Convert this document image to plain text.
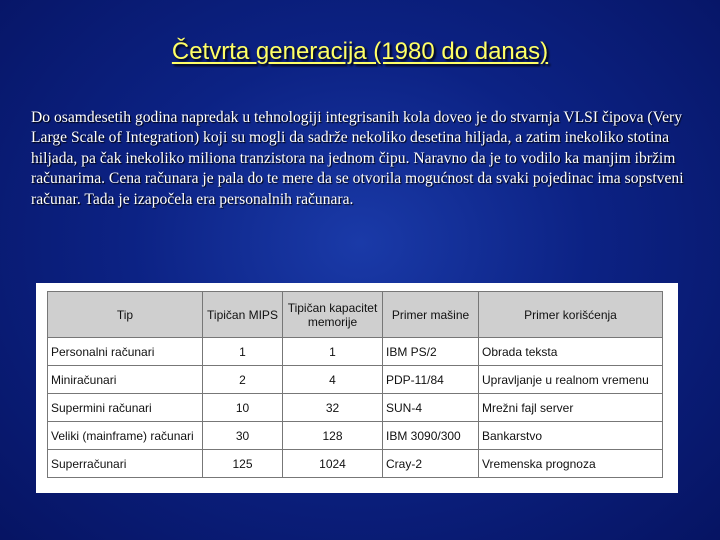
Četvrta generacija (1980 do danas)

Do osamdesetih godina napredak u tehnologiji integrisanih kola doveo je do stvarnja VLSI čipova (Very Large Scale of Integration) koji su mogli da sadrže nekoliko desetina hiljada, a zatim inekoliko stotina hiljada, pa čak inekoliko miliona tranzistora na jednom čipu. Naravno da je to vodilo ka manjim ibržim računarima. Cena računara je pala do te mere da se otvorila mogućnost da svaki pojedinac ima sopstveni računar. Tada je izapočela era personalnih računara.

Tip	Tipičan MIPS	Tipičan kapacitet memorije	Primer mašine	Primer korišćenja
Personalni računari	1	1	IBM PS/2	Obrada teksta
Miniračunari	2	4	PDP-11/84	Upravljanje u realnom vremenu
Supermini računari	10	32	SUN-4	Mrežni fajl server
Veliki (mainframe) računari	30	128	IBM 3090/300	Bankarstvo
Superračunari	125	1024	Cray-2	Vremenska prognoza
